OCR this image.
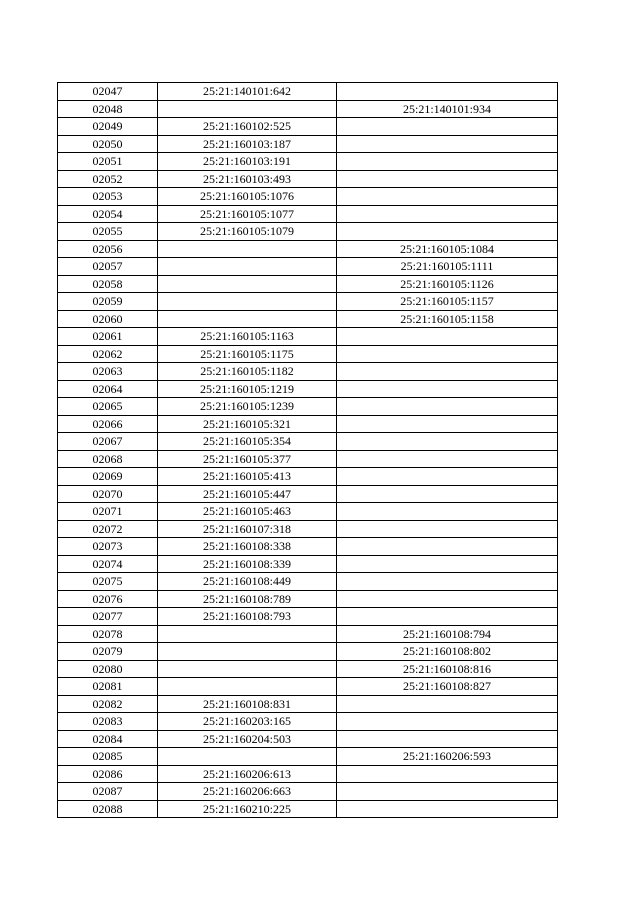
02047	25:21:140101:642	
02048		25:21:140101:934
02049	25:21:160102:525	
02050	25:21:160103:187	
02051	25:21:160103:191	
02052	25:21:160103:493	
02053	25:21:160105:1076	
02054	25:21:160105:1077	
02055	25:21:160105:1079	
02056		25:21:160105:1084
02057		25:21:160105:1111
02058		25:21:160105:1126
02059		25:21:160105:1157
02060		25:21:160105:1158
02061	25:21:160105:1163	
02062	25:21:160105:1175	
02063	25:21:160105:1182	
02064	25:21:160105:1219	
02065	25:21:160105:1239	
02066	25:21:160105:321	
02067	25:21:160105:354	
02068	25:21:160105:377	
02069	25:21:160105:413	
02070	25:21:160105:447	
02071	25:21:160105:463	
02072	25:21:160107:318	
02073	25:21:160108:338	
02074	25:21:160108:339	
02075	25:21:160108:449	
02076	25:21:160108:789	
02077	25:21:160108:793	
02078		25:21:160108:794
02079		25:21:160108:802
02080		25:21:160108:816
02081		25:21:160108:827
02082	25:21:160108:831	
02083	25:21:160203:165	
02084	25:21:160204:503	
02085		25:21:160206:593
02086	25:21:160206:613	
02087	25:21:160206:663	
02088	25:21:160210:225	
